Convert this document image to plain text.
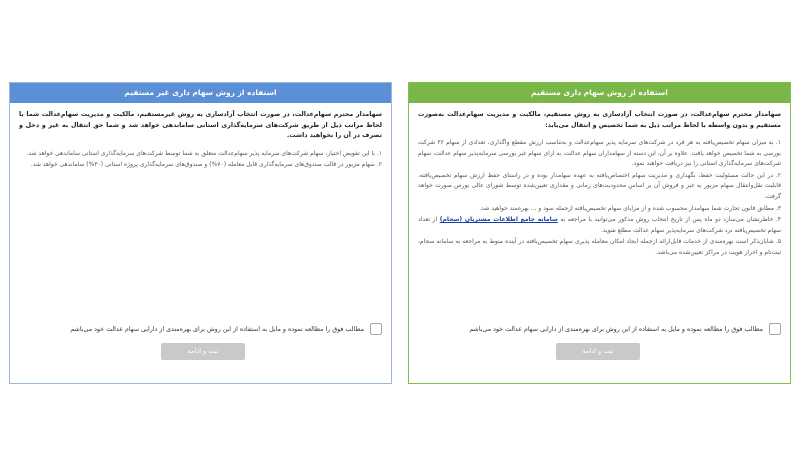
استفاده از روش سهام داری مستقیم

سهامدار محترم سهام‌عدالت، در صورت انتخاب آزادسازی به روش مستقیم، مالکیت و مدیریت سهام‌عدالت به‌صورت مستقیم و بدون واسطه با لحاظ مراتب ذیل به شما تخصیص و انتقال می‌یابد:

۱. به میزان سهام تخصیص‌یافته به هر فرد در شرکت‌های سرمایه پذیر سهام‌عدالت و به‌تناسب ارزش مقطع واگذاری، تعدادی از سهام ۳۶ شرکت بورسی به شما تخصیص خواهد یافت. علاوه بر آن، این دسته از سهامداران سهام عدالت، به ازای سهام غیر بورسی سرمایه‌پذیر سهام عدالت، سهام شرکت‌های سرمایه‌گذاری استانی را نیز دریافت خواهند نمود.
۲. در این حالت مسئولیت حفظ، نگهداری و مدیریت سهام اختصاص‌یافته به عهده سهامدار بوده و در راستای حفظ ارزش سهام تخصیص‌یافته، قابلیت نقل‌وانتقال سهام مزبور به غیر و فروش آن بر اساس محدودیت‌های زمانی و مقداری تعیین‌شده توسط شورای عالی بورس صورت خواهد گرفت.
۳. مطابق قانون تجارت شما سهامدار محسوب شده و از مزایای سهام تخصیص‌یافته ازجمله سود و ... بهره‌مند خواهید شد.
۴. خاطرنشان می‌سازد دو ماه پس از تاریخ انتخاب روش مذکور می‌توانید با مراجعه به سامانه جامع اطلاعات مشتریان (سجام) از تعداد سهام تخصیص‌یافته نزد شرکت‌های سرمایه‌پذیر سهام عدالت مطلع شوید.
۵. شایان‌ذکر است بهره‌مندی از خدمات قابل‌ارائه ازجمله ایجاد امکان معامله پذیری سهام تخصیص‌یافته در آینده منوط به مراجعه به سامانه سجام، ثبت‌نام و احراز هویت در مراکز تعیین‌شده می‌باشد.
مطالب فوق را مطالعه نموده و مایل به استفاده از این روش برای بهره‌مندی از دارایی سهام عدالت خود می‌باشم
ثبت و ادامه
استفاده از روش سهام داری غیر مستقیم

سهامدار محترم سهام‌عدالت، در صورت انتخاب آزادسازی به روش غیرمستقیم، مالکیت و مدیریت سهام‌عدالت شما با لحاظ مراتب ذیل از طریق شرکت‌های سرمایه‌گذاری استانی ساماندهی خواهد شد و شما حق انتقال به غیر و دخل و تصرف در آن را نخواهید داشت.

۱. با این تفویض اختیار، سهام شرکت‌های سرمایه پذیر سهام‌عدالت متعلق به شما توسط شرکت‌های سرمایه‌گذاری استانی ساماندهی خواهد شد.
۲. سهام مزبور در قالب صندوق‌های سرمایه‌گذاری قابل معامله (۷۰%) و صندوق‌های سرمایه‌گذاری پروژه استانی (۳۰%) ساماندهی خواهد شد.
مطالب فوق را مطالعه نموده و مایل به استفاده از این روش برای بهره‌مندی از دارایی سهام عدالت خود می‌باشم
ثبت و ادامه
